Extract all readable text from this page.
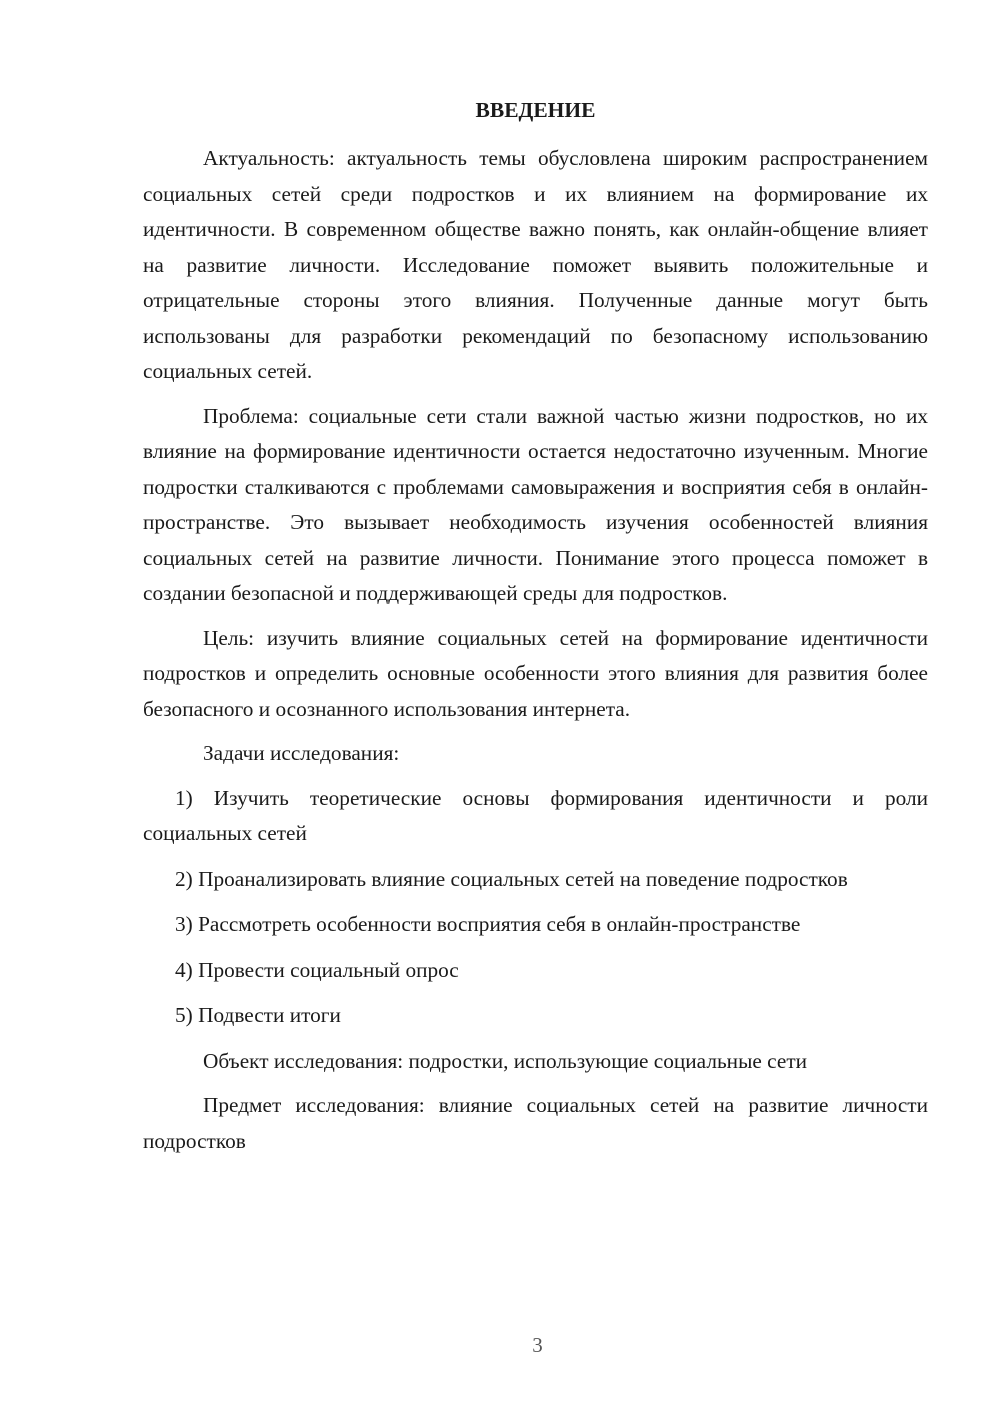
ВВЕДЕНИЕ

Актуальность: актуальность темы обусловлена широким распространением социальных сетей среди подростков и их влиянием на формирование их идентичности. В современном обществе важно понять, как онлайн-общение влияет на развитие личности. Исследование поможет выявить положительные и отрицательные стороны этого влияния. Полученные данные могут быть использованы для разработки рекомендаций по безопасному использованию социальных сетей.

Проблема: социальные сети стали важной частью жизни подростков, но их влияние на формирование идентичности остается недостаточно изученным. Многие подростки сталкиваются с проблемами самовыражения и восприятия себя в онлайн-пространстве. Это вызывает необходимость изучения особенностей влияния социальных сетей на развитие личности. Понимание этого процесса поможет в создании безопасной и поддерживающей среды для подростков.

Цель: изучить влияние социальных сетей на формирование идентичности подростков и определить основные особенности этого влияния для развития более безопасного и осознанного использования интернета.

Задачи исследования:

1) Изучить теоретические основы формирования идентичности и роли социальных сетей

2) Проанализировать влияние социальных сетей на поведение подростков

3) Рассмотреть особенности восприятия себя в онлайн-пространстве

4) Провести социальный опрос

5) Подвести итоги

Объект исследования: подростки, использующие социальные сети

Предмет исследования: влияние социальных сетей на развитие личности подростков

3
